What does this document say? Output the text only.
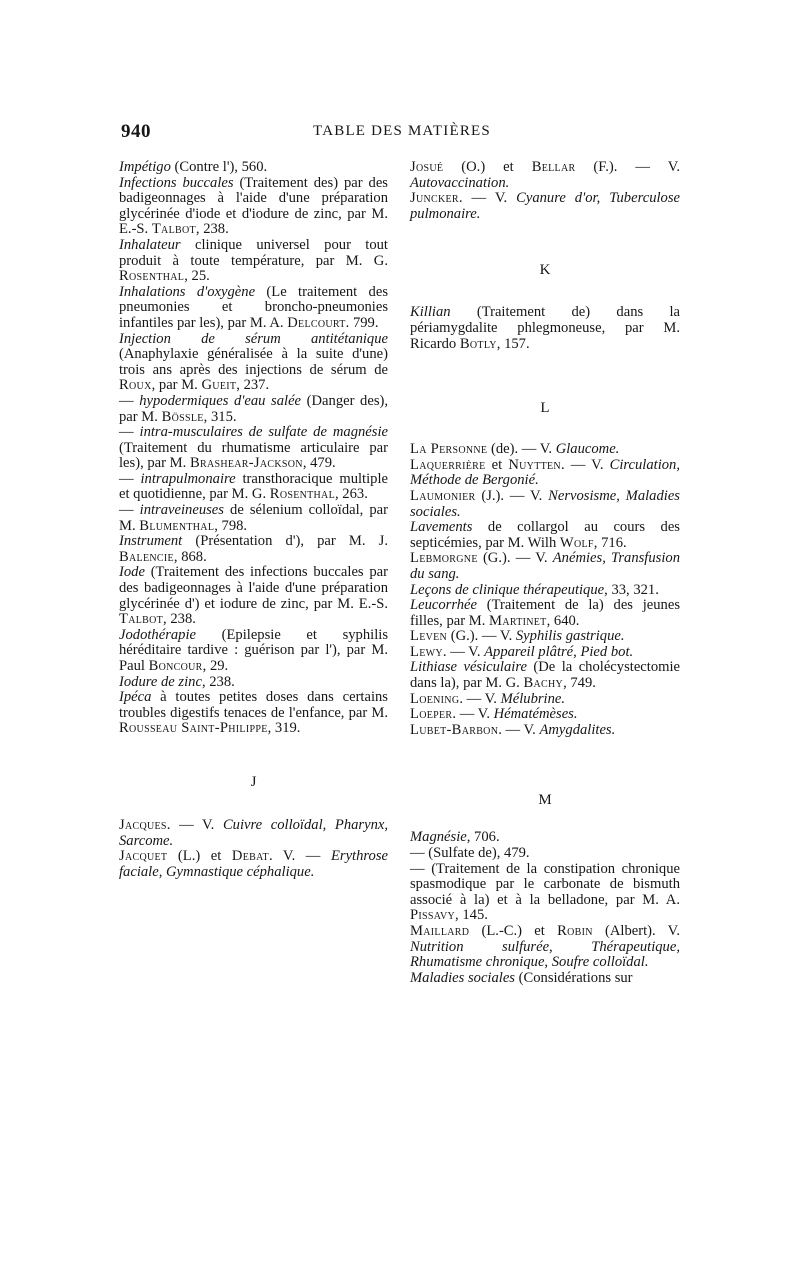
940	TABLE DES MATIÈRES
Impétigo (Contre l'), 560.
Infections buccales (Traitement des) par des badigeonnages à l'aide d'une préparation glycérinée d'iode et d'iodure de zinc, par M. E.-S. Talbot, 238.
Inhalateur clinique universel pour tout produit à toute température, par M. G. Rosenthal, 25.
Inhalations d'oxygène (Le traitement des pneumonies et broncho-pneumonies infantiles par les), par M. A. Delcourt. 799.
Injection de sérum antitétanique (Anaphylaxie généralisée à la suite d'une) trois ans après des injections de sérum de Roux, par M. Gueit, 237.
— hypodermiques d'eau salée (Danger des), par M. Bössle, 315.
— intra-musculaires de sulfate de magnésie (Traitement du rhumatisme articulaire par les), par M. Brashear-Jackson, 479.
— intrapulmonaire transthoracique multiple et quotidienne, par M. G. Rosenthal, 263.
— intraveineuses de sélenium colloïdal, par M. Blumenthal, 798.
Instrument (Présentation d'), par M. J. Balencie, 868.
Iode (Traitement des infections buccales par des badigeonnages à l'aide d'une préparation glycérinée d') et iodure de zinc, par M. E.-S. Talbot, 238.
Jodothérapie (Epilepsie et syphilis héréditaire tardive : guérison par l'), par M. Paul Boncour, 29.
Iodure de zinc, 238.
Ipéca à toutes petites doses dans certains troubles digestifs tenaces de l'enfance, par M. Rousseau Saint-Philippe, 319.
J
Jacques. — V. Cuivre colloïdal, Pharynx, Sarcome.
Jacquet (L.) et Debat. V. — Erythrose faciale, Gymnastique céphalique.
Josué (O.) et Bellar (F.). — V. Autovaccination.
Juncker. — V. Cyanure d'or, Tuberculose pulmonaire.
K
Killian (Traitement de) dans la périamygdalite phlegmoneuse, par M. Ricardo Botly, 157.
L
La Personne (de). — V. Glaucome.
Laquerrière et Nuytten. — V. Circulation, Méthode de Bergonié.
Laumonier (J.). — V. Nervosisme, Maladies sociales.
Lavements de collargol au cours des septicémies, par M. Wilh Wolf, 716.
Lebmorgne (G.). — V. Anémies, Transfusion du sang.
Leçons de clinique thérapeutique, 33, 321.
Leucorrhée (Traitement de la) des jeunes filles, par M. Martinet, 640.
Leven (G.). — V. Syphilis gastrique.
Lewy. — V. Appareil plâtré, Pied bot.
Lithiase vésiculaire (De la cholécystectomie dans la), par M. G. Bachy, 749.
Loening. — V. Mélubrine.
Loeper. — V. Hématémèses.
Lubet-Barbon. — V. Amygdalites.
M
Magnésie, 706.
— (Sulfate de), 479.
— (Traitement de la constipation chronique spasmodique par le carbonate de bismuth associé à la) et à la belladone, par M. A. Pissavy, 145.
Maillard (L.-C.) et Robin (Albert). V. Nutrition sulfurée, Thérapeutique, Rhumatisme chronique, Soufre colloïdal.
Maladies sociales (Considérations sur
